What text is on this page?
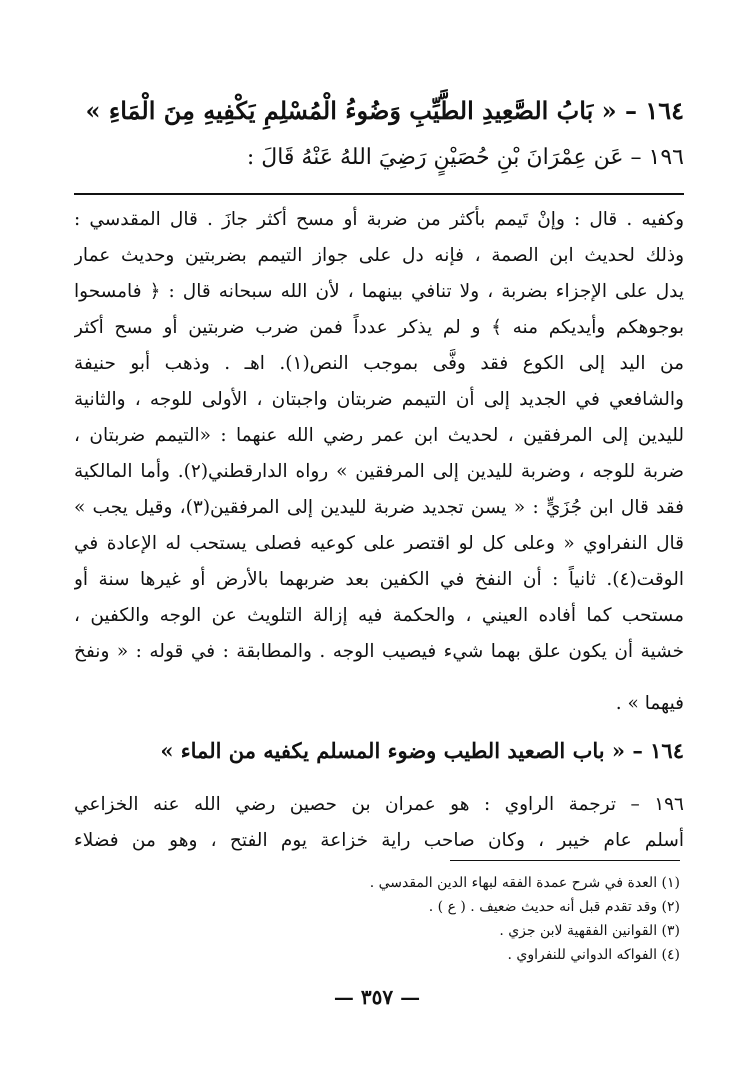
١٦٤ – « بَابُ الصَّعِيدِ الطَّيِّبِ وَضُوءُ الْمُسْلِمِ يَكْفِيهِ مِنَ الْمَاءِ »
١٩٦ – عَن عِمْرَانَ بْنِ حُصَيْنٍ رَضِيَ اللهُ عَنْهُ قَالَ :
وكفيه . قال : وإنْ تَيمم بأكثر من ضربة أو مسح أكثر جازَ . قال المقدسي :
وذلك لحديث ابن الصمة ، فإنه دل على جواز التيمم بضربتين وحديث عمار
يدل على الإجزاء بضربة ، ولا تنافي بينهما ، لأن الله سبحانه قال : ﴿ فامسحوا
بوجوهكم وأيديكم منه ﴾ و لم يذكر عدداً فمن ضرب ضربتين أو مسح أكثر
من اليد إلى الكوع فقد وفَّى بموجب النص(١). اهـ . وذهب أبو حنيفة
والشافعي في الجديد إلى أن التيمم ضربتان واجبتان ، الأولى للوجه ، والثانية
لليدين إلى المرفقين ، لحديث ابن عمر رضي الله عنهما : «التيمم ضربتان ،
ضربة للوجه ، وضربة لليدين إلى المرفقين » رواه الدارقطني(٢). وأما المالكية
فقد قال ابن جُزَيٍّ : « يسن تجديد ضربة لليدين إلى المرفقين(٣)، وقيل يجب »
قال النفراوي « وعلى كل لو اقتصر على كوعيه فصلى يستحب له الإعادة في
الوقت(٤). ثانياً : أن النفخ في الكفين بعد ضربهما بالأرض أو غيرها سنة أو
مستحب كما أفاده العيني ، والحكمة فيه إزالة التلويث عن الوجه والكفين ،
خشية أن يكون علق بهما شيء فيصيب الوجه . والمطابقة : في قوله : « ونفخ
فيهما » .
١٦٤ – « باب الصعيد الطيب وضوء المسلم يكفيه من الماء »
١٩٦ – ترجمة الراوي : هو عمران بن حصين رضي الله عنه الخزاعي
أسلم عام خيبر ، وكان صاحب راية خزاعة يوم الفتح ، وهو من فضلاء
(١) العدة في شرح عمدة الفقه لبهاء الدين المقدسي .
(٢) وقد تقدم قبل أنه حديث ضعيف . ( ع ) .
(٣) القوانين الفقهية لابن جزي .
(٤) الفواكه الدواني للنفراوي .
— ٣٥٧ —
